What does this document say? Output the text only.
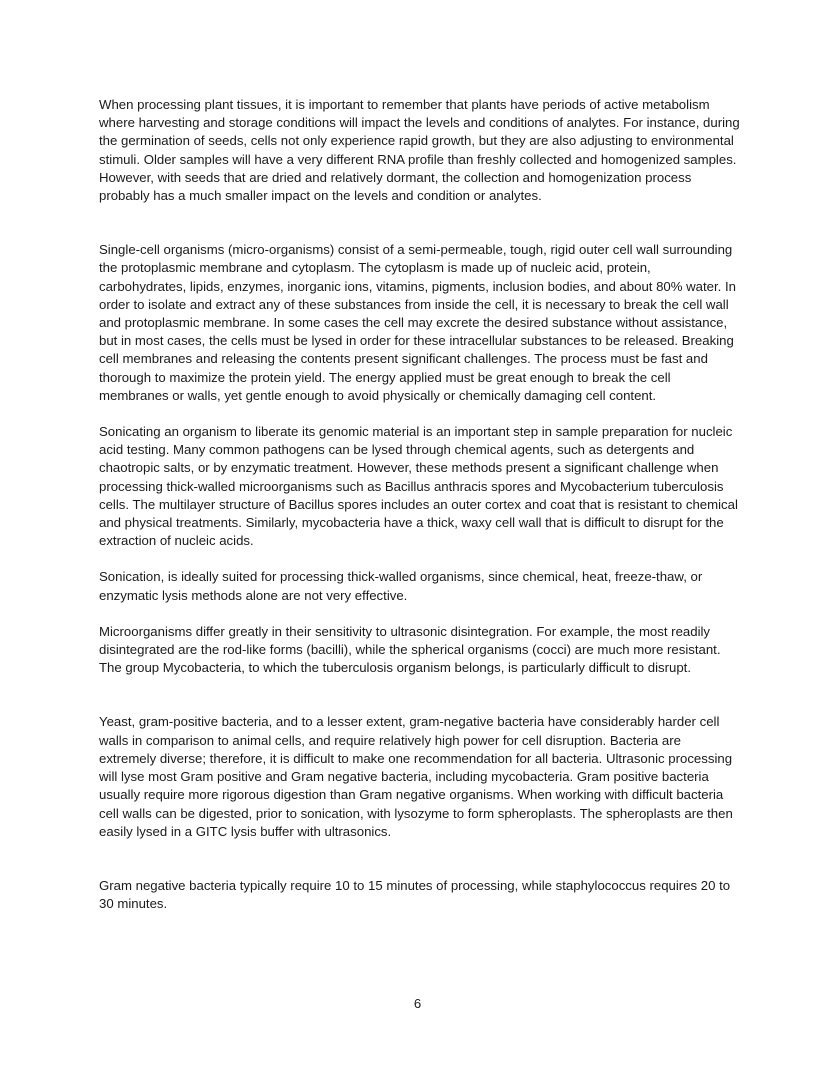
When processing plant tissues, it is important to remember that plants have periods of active metabolism where harvesting and storage conditions will impact the levels and conditions of analytes. For instance, during the germination of seeds, cells not only experience rapid growth, but they are also adjusting to environmental stimuli. Older samples will have a very different RNA profile than freshly collected and homogenized samples. However, with seeds that are dried and relatively dormant, the collection and homogenization process probably has a much smaller impact on the levels and condition or analytes.

Single-cell organisms (micro-organisms) consist of a semi-permeable, tough, rigid outer cell wall surrounding the protoplasmic membrane and cytoplasm. The cytoplasm is made up of nucleic acid, protein, carbohydrates, lipids, enzymes, inorganic ions, vitamins, pigments, inclusion bodies, and about 80% water. In order to isolate and extract any of these substances from inside the cell, it is necessary to break the cell wall and protoplasmic membrane. In some cases the cell may excrete the desired substance without assistance, but in most cases, the cells must be lysed in order for these intracellular substances to be released. Breaking cell membranes and releasing the contents present significant challenges. The process must be fast and thorough to maximize the protein yield. The energy applied must be great enough to break the cell membranes or walls, yet gentle enough to avoid physically or chemically damaging cell content.

Sonicating an organism to liberate its genomic material is an important step in sample preparation for nucleic acid testing. Many common pathogens can be lysed through chemical agents, such as detergents and chaotropic salts, or by enzymatic treatment. However, these methods present a significant challenge when processing thick-walled microorganisms such as Bacillus anthracis spores and Mycobacterium tuberculosis cells. The multilayer structure of Bacillus spores includes an outer cortex and coat that is resistant to chemical and physical treatments. Similarly, mycobacteria have a thick, waxy cell wall that is difficult to disrupt for the extraction of nucleic acids.

Sonication, is ideally suited for processing thick-walled organisms, since chemical, heat, freeze-thaw, or enzymatic lysis methods alone are not very effective.

Microorganisms differ greatly in their sensitivity to ultrasonic disintegration. For example, the most readily disintegrated are the rod-like forms (bacilli), while the spherical organisms (cocci) are much more resistant. The group Mycobacteria, to which the tuberculosis organism belongs, is particularly difficult to disrupt.

Yeast, gram-positive bacteria, and to a lesser extent, gram-negative bacteria have considerably harder cell walls in comparison to animal cells, and require relatively high power for cell disruption. Bacteria are extremely diverse; therefore, it is difficult to make one recommendation for all bacteria. Ultrasonic processing will lyse most Gram positive and Gram negative bacteria, including mycobacteria. Gram positive bacteria usually require more rigorous digestion than Gram negative organisms. When working with difficult bacteria cell walls can be digested, prior to sonication, with lysozyme to form spheroplasts. The spheroplasts are then easily lysed in a GITC lysis buffer with ultrasonics.

Gram negative bacteria typically require 10 to 15 minutes of processing, while staphylococcus requires 20 to 30 minutes.

6
